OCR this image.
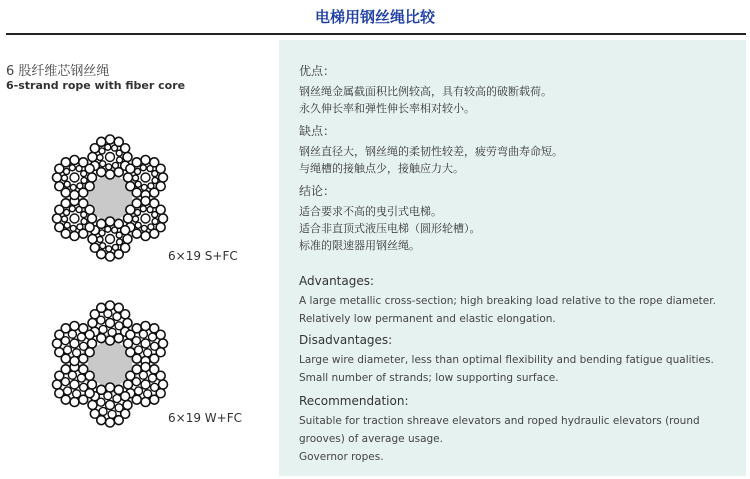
电梯用钢丝绳比较
6 股纤维芯钢丝绳
6-strand rope with fiber core
6×19 S+FC
6×19 W+FC

优点：

钢丝绳金属截面积比例较高，具有较高的破断载荷。

永久伸长率和弹性伸长率相对较小。

缺点：

钢丝直径大，钢丝绳的柔韧性较差，疲劳弯曲寿命短。

与绳槽的接触点少，接触应力大。

结论：

适合要求不高的曳引式电梯。

适合非直顶式液压电梯（圆形轮槽）。

标准的限速器用钢丝绳。

Advantages:

A large metallic cross-section; high breaking load relative to the rope diameter.

Relatively low permanent and elastic elongation.

Disadvantages:

Large wire diameter, less than optimal flexibility and bending fatigue qualities.

Small number of strands; low supporting surface.

Recommendation:

Suitable for traction shreave elevators and roped hydraulic elevators (round

grooves) of average usage.

Governor ropes.
